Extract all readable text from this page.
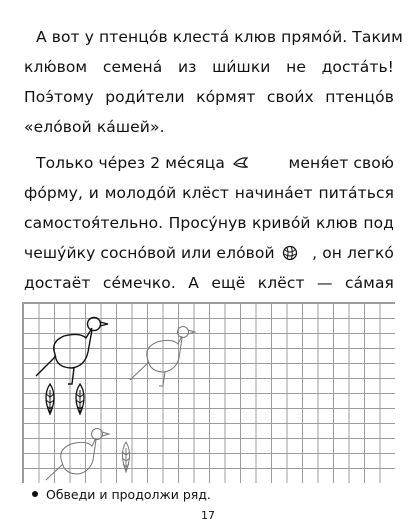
А вот у птенцо́в клеста́ клюв прямо́й. Таким
клю́вом семена́ из ши́шки не доста́ть!
Поэ́тому роди́тели ко́рмят свои́х птенцо́в
«ело́вой ка́шей».
Только че́рез 2 ме́сяца	меня́ет свою́
фо́рму, и молодо́й клёст начина́ет пита́ться
самостоя́тельно. Просу́нув криво́й клюв под
чешу́йку сосно́вой или ело́вой	, он легко́
достаёт се́мечко. А ещё клёст — са́мая
Обведи и продолжи ряд.
17
